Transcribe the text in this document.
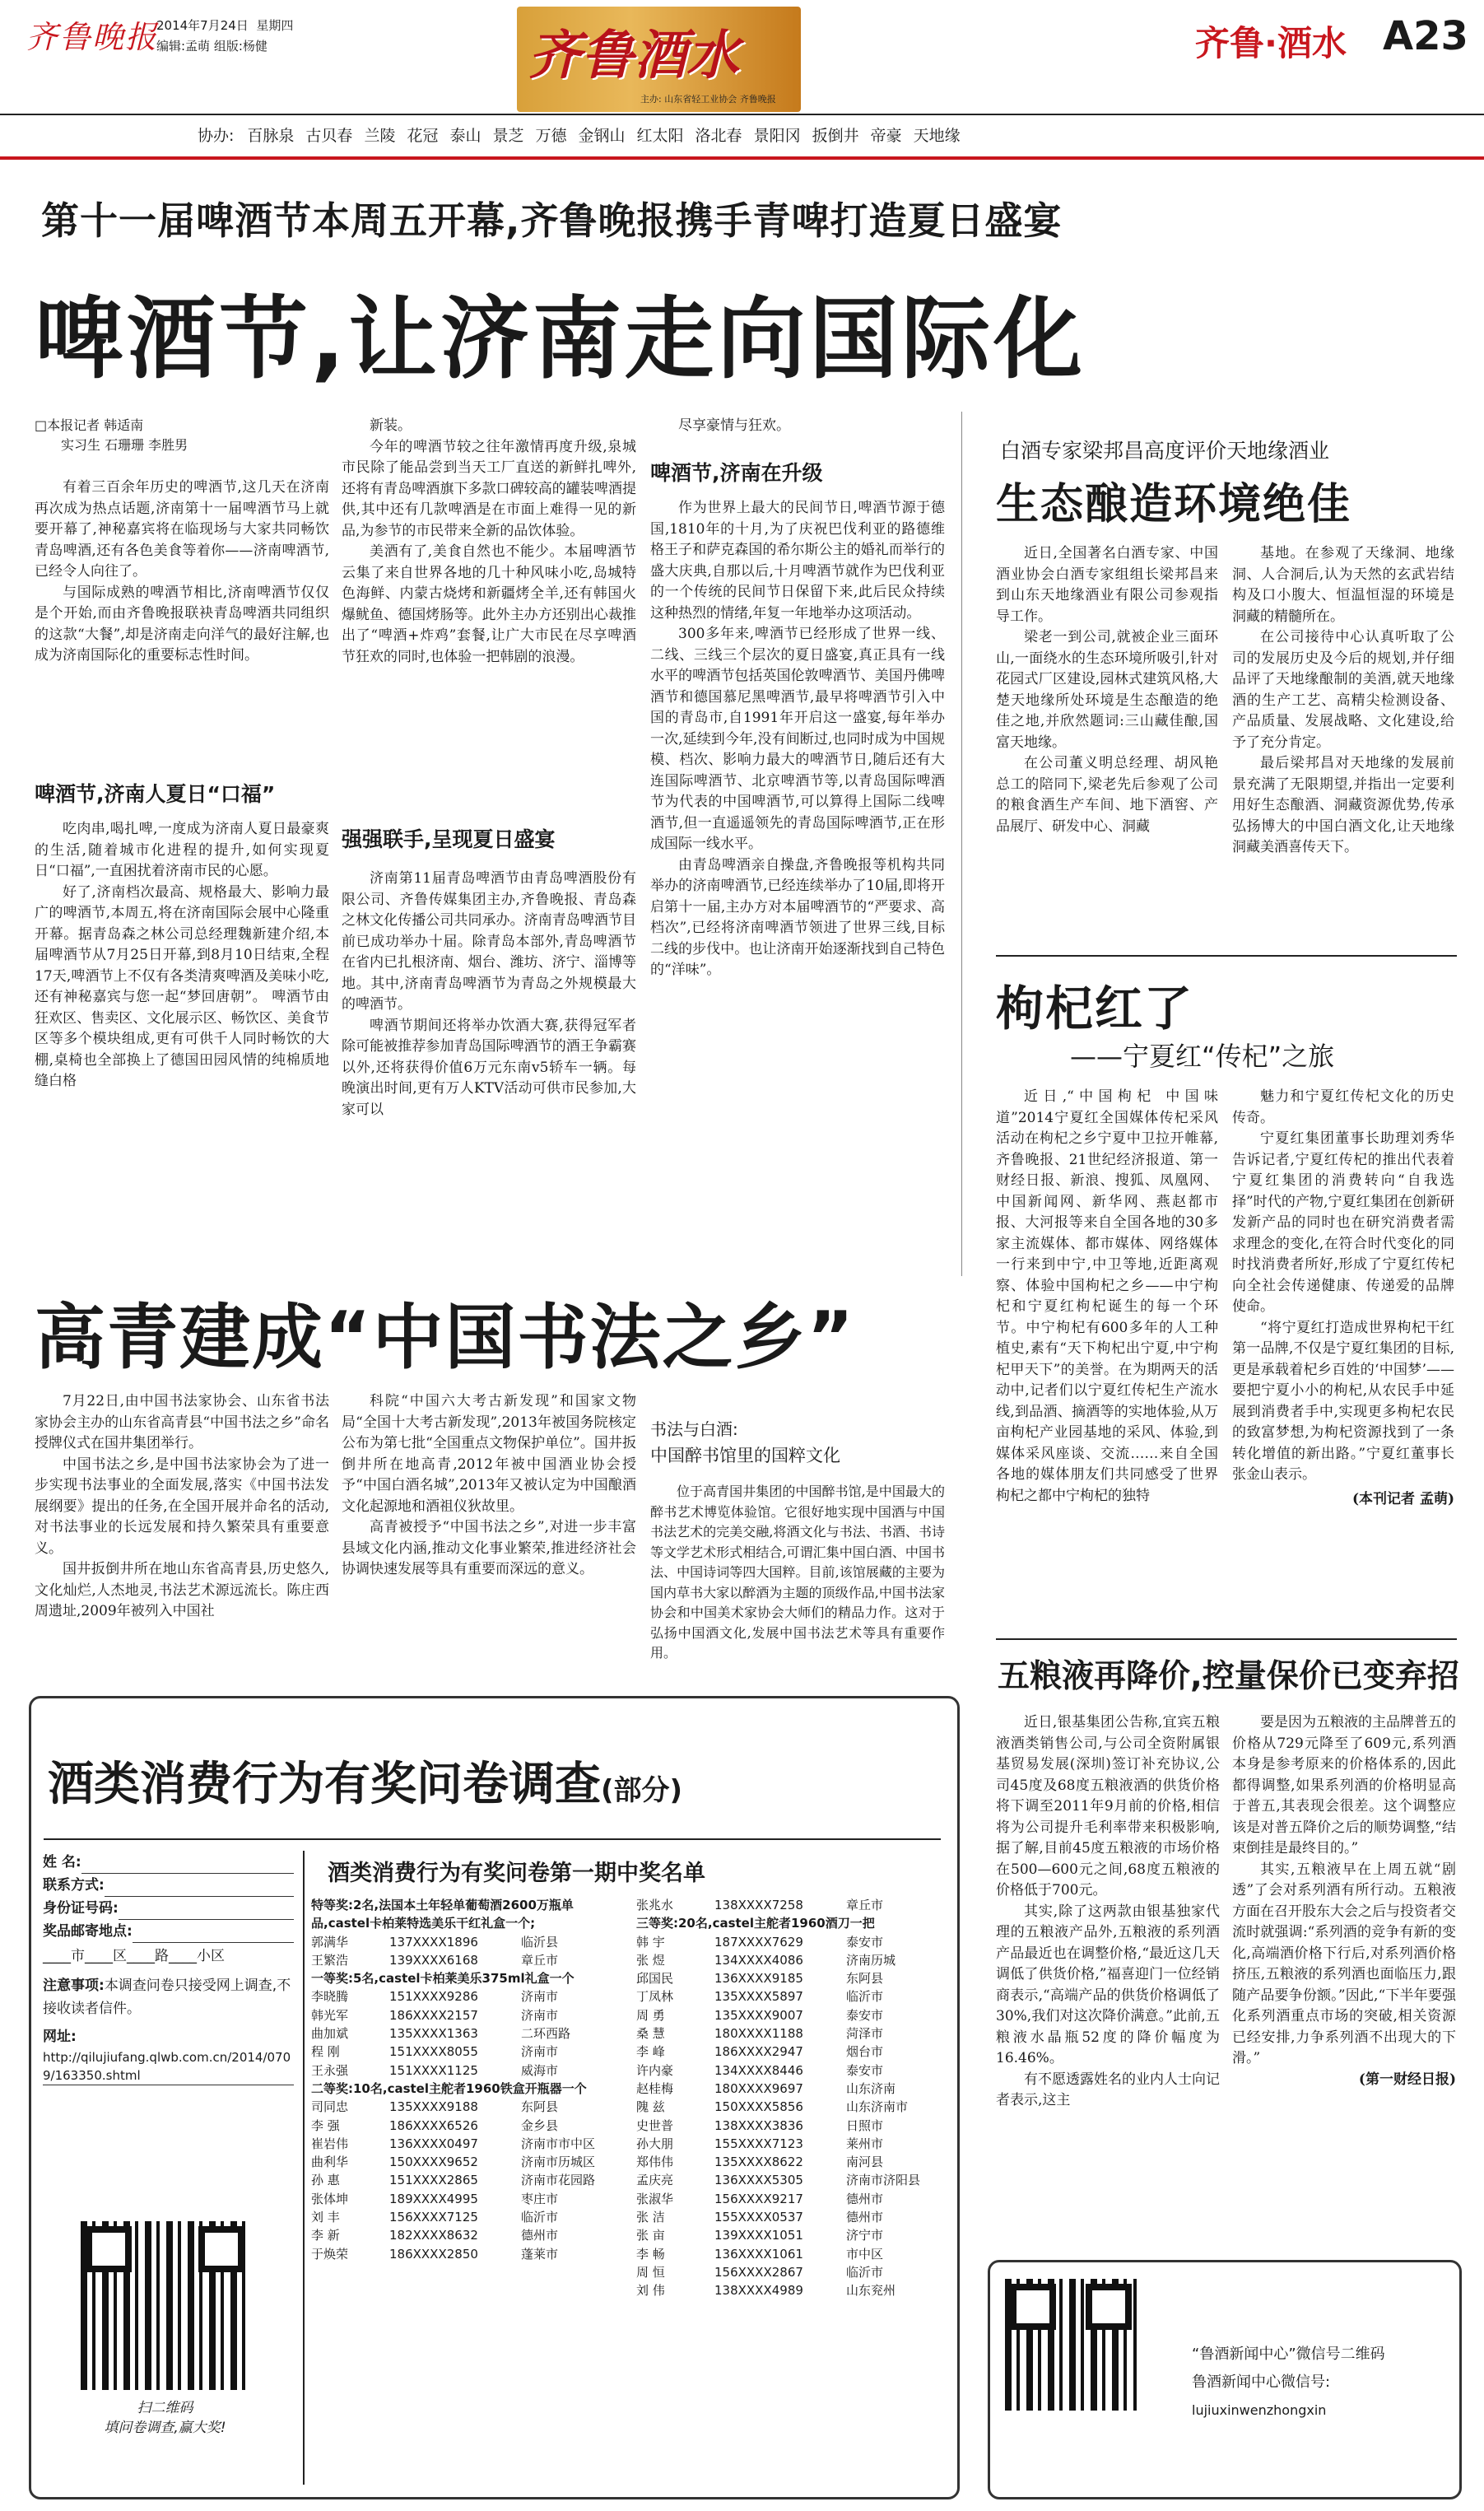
齐鲁晚报
2014年7月24日 星期四
编辑:孟萌 组版:杨健	齐鲁酒水
主办: 山东省轻工业协会 齐鲁晚报
齐鲁·酒水 A23
协办: 百脉泉 古贝春 兰陵 花冠 泰山 景芝 万德 金钢山 红太阳 洛北春 景阳冈 扳倒井 帝豪 天地缘
第十一届啤酒节本周五开幕,齐鲁晚报携手青啤打造夏日盛宴
啤酒节,让济南走向国际化
□本报记者 韩适南
实习生 石珊珊 李胜男

有着三百余年历史的啤酒节,这几天在济南再次成为热点话题,济南第十一届啤酒节马上就要开幕了,神秘嘉宾将在临现场与大家共同畅饮青岛啤酒,还有各色美食等着你——济南啤酒节,已经令人向往了。

与国际成熟的啤酒节相比,济南啤酒节仅仅是个开始,而由齐鲁晚报联袂青岛啤酒共同组织的这款“大餐”,却是济南走向洋气的最好注解,也成为济南国际化的重要标志性时间。

啤酒节,济南人夏日“口福”

吃肉串,喝扎啤,一度成为济南人夏日最豪爽的生活,随着城市化进程的提升,如何实现夏日“口福”,一直困扰着济南市民的心愿。

好了,济南档次最高、规格最大、影响力最广的啤酒节,本周五,将在济南国际会展中心隆重开幕。据青岛森之林公司总经理魏新建介绍,本届啤酒节从7月25日开幕,到8月10日结束,全程17天,啤酒节上不仅有各类清爽啤酒及美味小吃,还有神秘嘉宾与您一起“梦回唐朝”。 啤酒节由狂欢区、售卖区、文化展示区、畅饮区、美食节区等多个模块组成,更有可供千人同时畅饮的大棚,桌椅也全部换上了德国田园风情的纯棉质地缝白格

新装。

今年的啤酒节较之往年激情再度升级,泉城市民除了能品尝到当天工厂直送的新鲜扎啤外,还将有青岛啤酒旗下多款口碑较高的罐装啤酒提供,其中还有几款啤酒是在市面上难得一见的新品,为参节的市民带来全新的品饮体验。

美酒有了,美食自然也不能少。本届啤酒节云集了来自世界各地的几十种风味小吃,岛城特色海鲜、内蒙古烧烤和新疆烤全羊,还有韩国火爆鱿鱼、德国烤肠等。此外主办方还别出心裁推出了“啤酒+炸鸡”套餐,让广大市民在尽享啤酒节狂欢的同时,也体验一把韩剧的浪漫。

强强联手,呈现夏日盛宴

济南第11届青岛啤酒节由青岛啤酒股份有限公司、齐鲁传媒集团主办,齐鲁晚报、青岛森之林文化传播公司共同承办。济南青岛啤酒节目前已成功举办十届。除青岛本部外,青岛啤酒节在省内已扎根济南、烟台、潍坊、济宁、淄博等地。其中,济南青岛啤酒节为青岛之外规模最大的啤酒节。

啤酒节期间还将举办饮酒大赛,获得冠军者除可能被推荐参加青岛国际啤酒节的酒王争霸赛以外,还将获得价值6万元东南v5轿车一辆。每晚演出时间,更有万人KTV活动可供市民参加,大家可以

尽享豪情与狂欢。

啤酒节,济南在升级

作为世界上最大的民间节日,啤酒节源于德国,1810年的十月,为了庆祝巴伐利亚的路德维格王子和萨克森国的希尔斯公主的婚礼而举行的盛大庆典,自那以后,十月啤酒节就作为巴伐利亚的一个传统的民间节日保留下来,此后民众持续这种热烈的情绪,年复一年地举办这项活动。

300多年来,啤酒节已经形成了世界一线、二线、三线三个层次的夏日盛宴,真正具有一线水平的啤酒节包括英国伦敦啤酒节、美国丹佛啤酒节和德国慕尼黑啤酒节,最早将啤酒节引入中国的青岛市,自1991年开启这一盛宴,每年举办一次,延续到今年,没有间断过,也同时成为中国规模、档次、影响力最大的啤酒节日,随后还有大连国际啤酒节、北京啤酒节等,以青岛国际啤酒节为代表的中国啤酒节,可以算得上国际二线啤酒节,但一直遥遥领先的青岛国际啤酒节,正在形成国际一线水平。

由青岛啤酒亲自操盘,齐鲁晚报等机构共同举办的济南啤酒节,已经连续举办了10届,即将开启第十一届,主办方对本届啤酒节的“严要求、高档次”,已经将济南啤酒节领进了世界三线,目标二线的步伐中。也让济南开始逐渐找到自己特色的“洋味”。

白酒专家梁邦昌高度评价天地缘酒业
生态酿造环境绝佳

近日,全国著名白酒专家、中国酒业协会白酒专家组组长梁邦昌来到山东天地缘酒业有限公司参观指导工作。

梁老一到公司,就被企业三面环山,一面绕水的生态环境所吸引,针对花园式厂区建设,园林式建筑风格,大楚天地缘所处环境是生态酿造的绝佳之地,并欣然题词:三山藏佳酿,国富天地缘。

在公司董义明总经理、胡风艳总工的陪同下,梁老先后参观了公司的粮食酒生产车间、地下酒窖、产品展厅、研发中心、洞藏

基地。在参观了天缘洞、地缘洞、人合洞后,认为天然的玄武岩结构及口小腹大、恒温恒湿的环境是洞藏的精髓所在。

在公司接待中心认真听取了公司的发展历史及今后的规划,并仔细品评了天地缘酿制的美酒,就天地缘酒的生产工艺、高精尖检测设备、产品质量、发展战略、文化建设,给予了充分肯定。

最后梁邦昌对天地缘的发展前景充满了无限期望,并指出一定要利用好生态酿酒、洞藏资源优势,传承弘扬博大的中国白酒文化,让天地缘洞藏美酒喜传天下。

枸杞红了
——宁夏红“传杞”之旅

近日,“中国枸杞 中国味道”2014宁夏红全国媒体传杞采风活动在枸杞之乡宁夏中卫拉开帷幕,齐鲁晚报、21世纪经济报道、第一财经日报、新浪、搜狐、凤凰网、中国新闻网、新华网、燕赵都市报、大河报等来自全国各地的30多家主流媒体、都市媒体、网络媒体一行来到中宁,中卫等地,近距离观察、体验中国枸杞之乡——中宁枸杞和宁夏红枸杞诞生的每一个环节。中宁枸杞有600多年的人工种植史,素有“天下枸杞出宁夏,中宁枸杞甲天下”的美誉。在为期两天的活动中,记者们以宁夏红传杞生产流水线,到品酒、摘酒等的实地体验,从万亩枸杞产业园基地的采风、体验,到媒体采风座谈、交流……来自全国各地的媒体朋友们共同感受了世界枸杞之都中宁枸杞的独特

魅力和宁夏红传杞文化的历史传奇。

宁夏红集团董事长助理刘秀华告诉记者,宁夏红传杞的推出代表着宁夏红集团的消费转向“自我选择”时代的产物,宁夏红集团在创新研发新产品的同时也在研究消费者需求理念的变化,在符合时代变化的同时找消费者所好,形成了宁夏红传杞向全社会传递健康、传递爱的品牌使命。

“将宁夏红打造成世界枸杞干红第一品牌,不仅是宁夏红集团的目标,更是承载着杞乡百姓的‘中国梦’——要把宁夏小小的枸杞,从农民手中延展到消费者手中,实现更多枸杞农民的致富梦想,为枸杞资源找到了一条转化增值的新出路。”宁夏红董事长张金山表示。

(本刊记者 孟萌)
高青建成“中国书法之乡”

7月22日,由中国书法家协会、山东省书法家协会主办的山东省高青县“中国书法之乡”命名授牌仪式在国井集团举行。

中国书法之乡,是中国书法家协会为了进一步实现书法事业的全面发展,落实《中国书法发展纲要》提出的任务,在全国开展并命名的活动,对书法事业的长远发展和持久繁荣具有重要意义。

国井扳倒井所在地山东省高青县,历史悠久,文化灿烂,人杰地灵,书法艺术源远流长。陈庄西周遗址,2009年被列入中国社

科院“中国六大考古新发现”和国家文物局“全国十大考古新发现”,2013年被国务院核定公布为第七批“全国重点文物保护单位”。国井扳倒井所在地高青,2012年被中国酒业协会授予“中国白酒名城”,2013年又被认定为中国酿酒文化起源地和酒祖仪狄故里。

高青被授予“中国书法之乡”,对进一步丰富县域文化内涵,推动文化事业繁荣,推进经济社会协调快速发展等具有重要而深远的意义。

书法与白酒:
中国醉书馆里的国粹文化

位于高青国井集团的中国醉书馆,是中国最大的醉书艺术博览体验馆。它很好地实现中国酒与中国书法艺术的完美交融,将酒文化与书法、书酒、书诗等文学艺术形式相结合,可谓汇集中国白酒、中国书法、中国诗词等四大国粹。目前,该馆展藏的主要为国内草书大家以醉酒为主题的顶级作品,中国书法家协会和中国美术家协会大师们的精品力作。这对于弘扬中国酒文化,发展中国书法艺术等具有重要作用。

五粮液再降价,控量保价已变弃招

近日,银基集团公告称,宜宾五粮液酒类销售公司,与公司全资附属银基贸易发展(深圳)签订补充协议,公司45度及68度五粮液酒的供货价格将下调至2011年9月前的价格,相信将为公司提升毛利率带来积极影响,据了解,目前45度五粮液的市场价格在500—600元之间,68度五粮液的价格低于700元。

其实,除了这两款由银基独家代理的五粮液产品外,五粮液的系列酒产品最近也在调整价格,“最近这几天调低了供货价格,”福喜迎门一位经销商表示,“高端产品的供货价格调低了30%,我们对这次降价满意。”此前,五粮液水晶瓶52度的降价幅度为16.46%。

有不愿透露姓名的业内人士向记者表示,这主

要是因为五粮液的主品牌普五的价格从729元降至了609元,系列酒本身是参考原来的价格体系的,因此都得调整,如果系列酒的价格明显高于普五,其表现会很差。这个调整应该是对普五降价之后的顺势调整,“结束倒挂是最终目的。”

其实,五粮液早在上周五就“剧透”了会对系列酒有所行动。五粮液方面在召开股东大会之后与投资者交流时就强调:“系列酒的竞争有新的变化,高端酒价格下行后,对系列酒价格挤压,五粮液的系列酒也面临压力,跟随产品要争份额。”因此,“下半年要强化系列酒重点市场的突破,相关资源已经安排,力争系列酒不出现大的下滑。”

(第一财经日报)
酒类消费行为有奖问卷调查(部分)
姓 名:
联系方式:
身份证号码:
奖品邮寄地点:
____市____区____路____小区
注意事项:本调查问卷只接受网上调查,不接收读者信件。
网址:
http://qilujiufang.qlwb.com.cn/2014/0709/163350.shtml
扫二维码
填问卷调查,赢大奖!
酒类消费行为有奖问卷第一期中奖名单
特等奖:2名,法国本土年轻单葡萄酒2600万瓶单品,castel卡柏莱特选美乐干红礼盒一个;
郭满华	137XXXX1896	临沂县
王繁浩	139XXXX6168	章丘市
一等奖:5名,castel卡柏莱美乐375ml礼盒一个
李晓腾	151XXXX9286	济南市
韩光军	186XXXX2157	济南市
曲加斌	135XXXX1363	二环西路
程 刚	151XXXX8055	济南市
王永强	151XXXX1125	威海市
二等奖:10名,castel主舵者1960铁盒开瓶器一个
司同忠	135XXXX9188	东阿县
李 强	186XXXX6526	金乡县
崔岩伟	136XXXX0497	济南市市中区
曲利华	150XXXX9652	济南市历城区
孙 惠	151XXXX2865	济南市花园路
张体坤	189XXXX4995	枣庄市
刘 丰	156XXXX7125	临沂市
李 新	182XXXX8632	德州市
于焕荣	186XXXX2850	蓬莱市
张兆水	138XXXX7258	章丘市
三等奖:20名,castel主舵者1960酒刀一把
韩 宇	187XXXX7629	泰安市
张 煜	134XXXX4086	济南历城
邱国民	136XXXX9185	东阿县
丁凤林	135XXXX5897	临沂市
周 勇	135XXXX9007	泰安市
桑 慧	180XXXX1188	菏泽市
李 峰	186XXXX2947	烟台市
许内豪	134XXXX8446	泰安市
赵桂梅	180XXXX9697	山东济南
隗 兹	150XXXX5856	山东济南市
史世普	138XXXX3836	日照市
孙大朋	155XXXX7123	莱州市
郑伟伟	135XXXX8622	南河县
孟庆亮	136XXXX5305	济南市济阳县
张淑华	156XXXX9217	德州市
张 洁	155XXXX0537	德州市
张 亩	139XXXX1051	济宁市
李 畅	136XXXX1061	市中区
周 恒	156XXXX2867	临沂市
刘 伟	138XXXX4989	山东兖州
“鲁酒新闻中心”微信号二维码
鲁酒新闻中心微信号:
lujiuxinwenzhongxin
